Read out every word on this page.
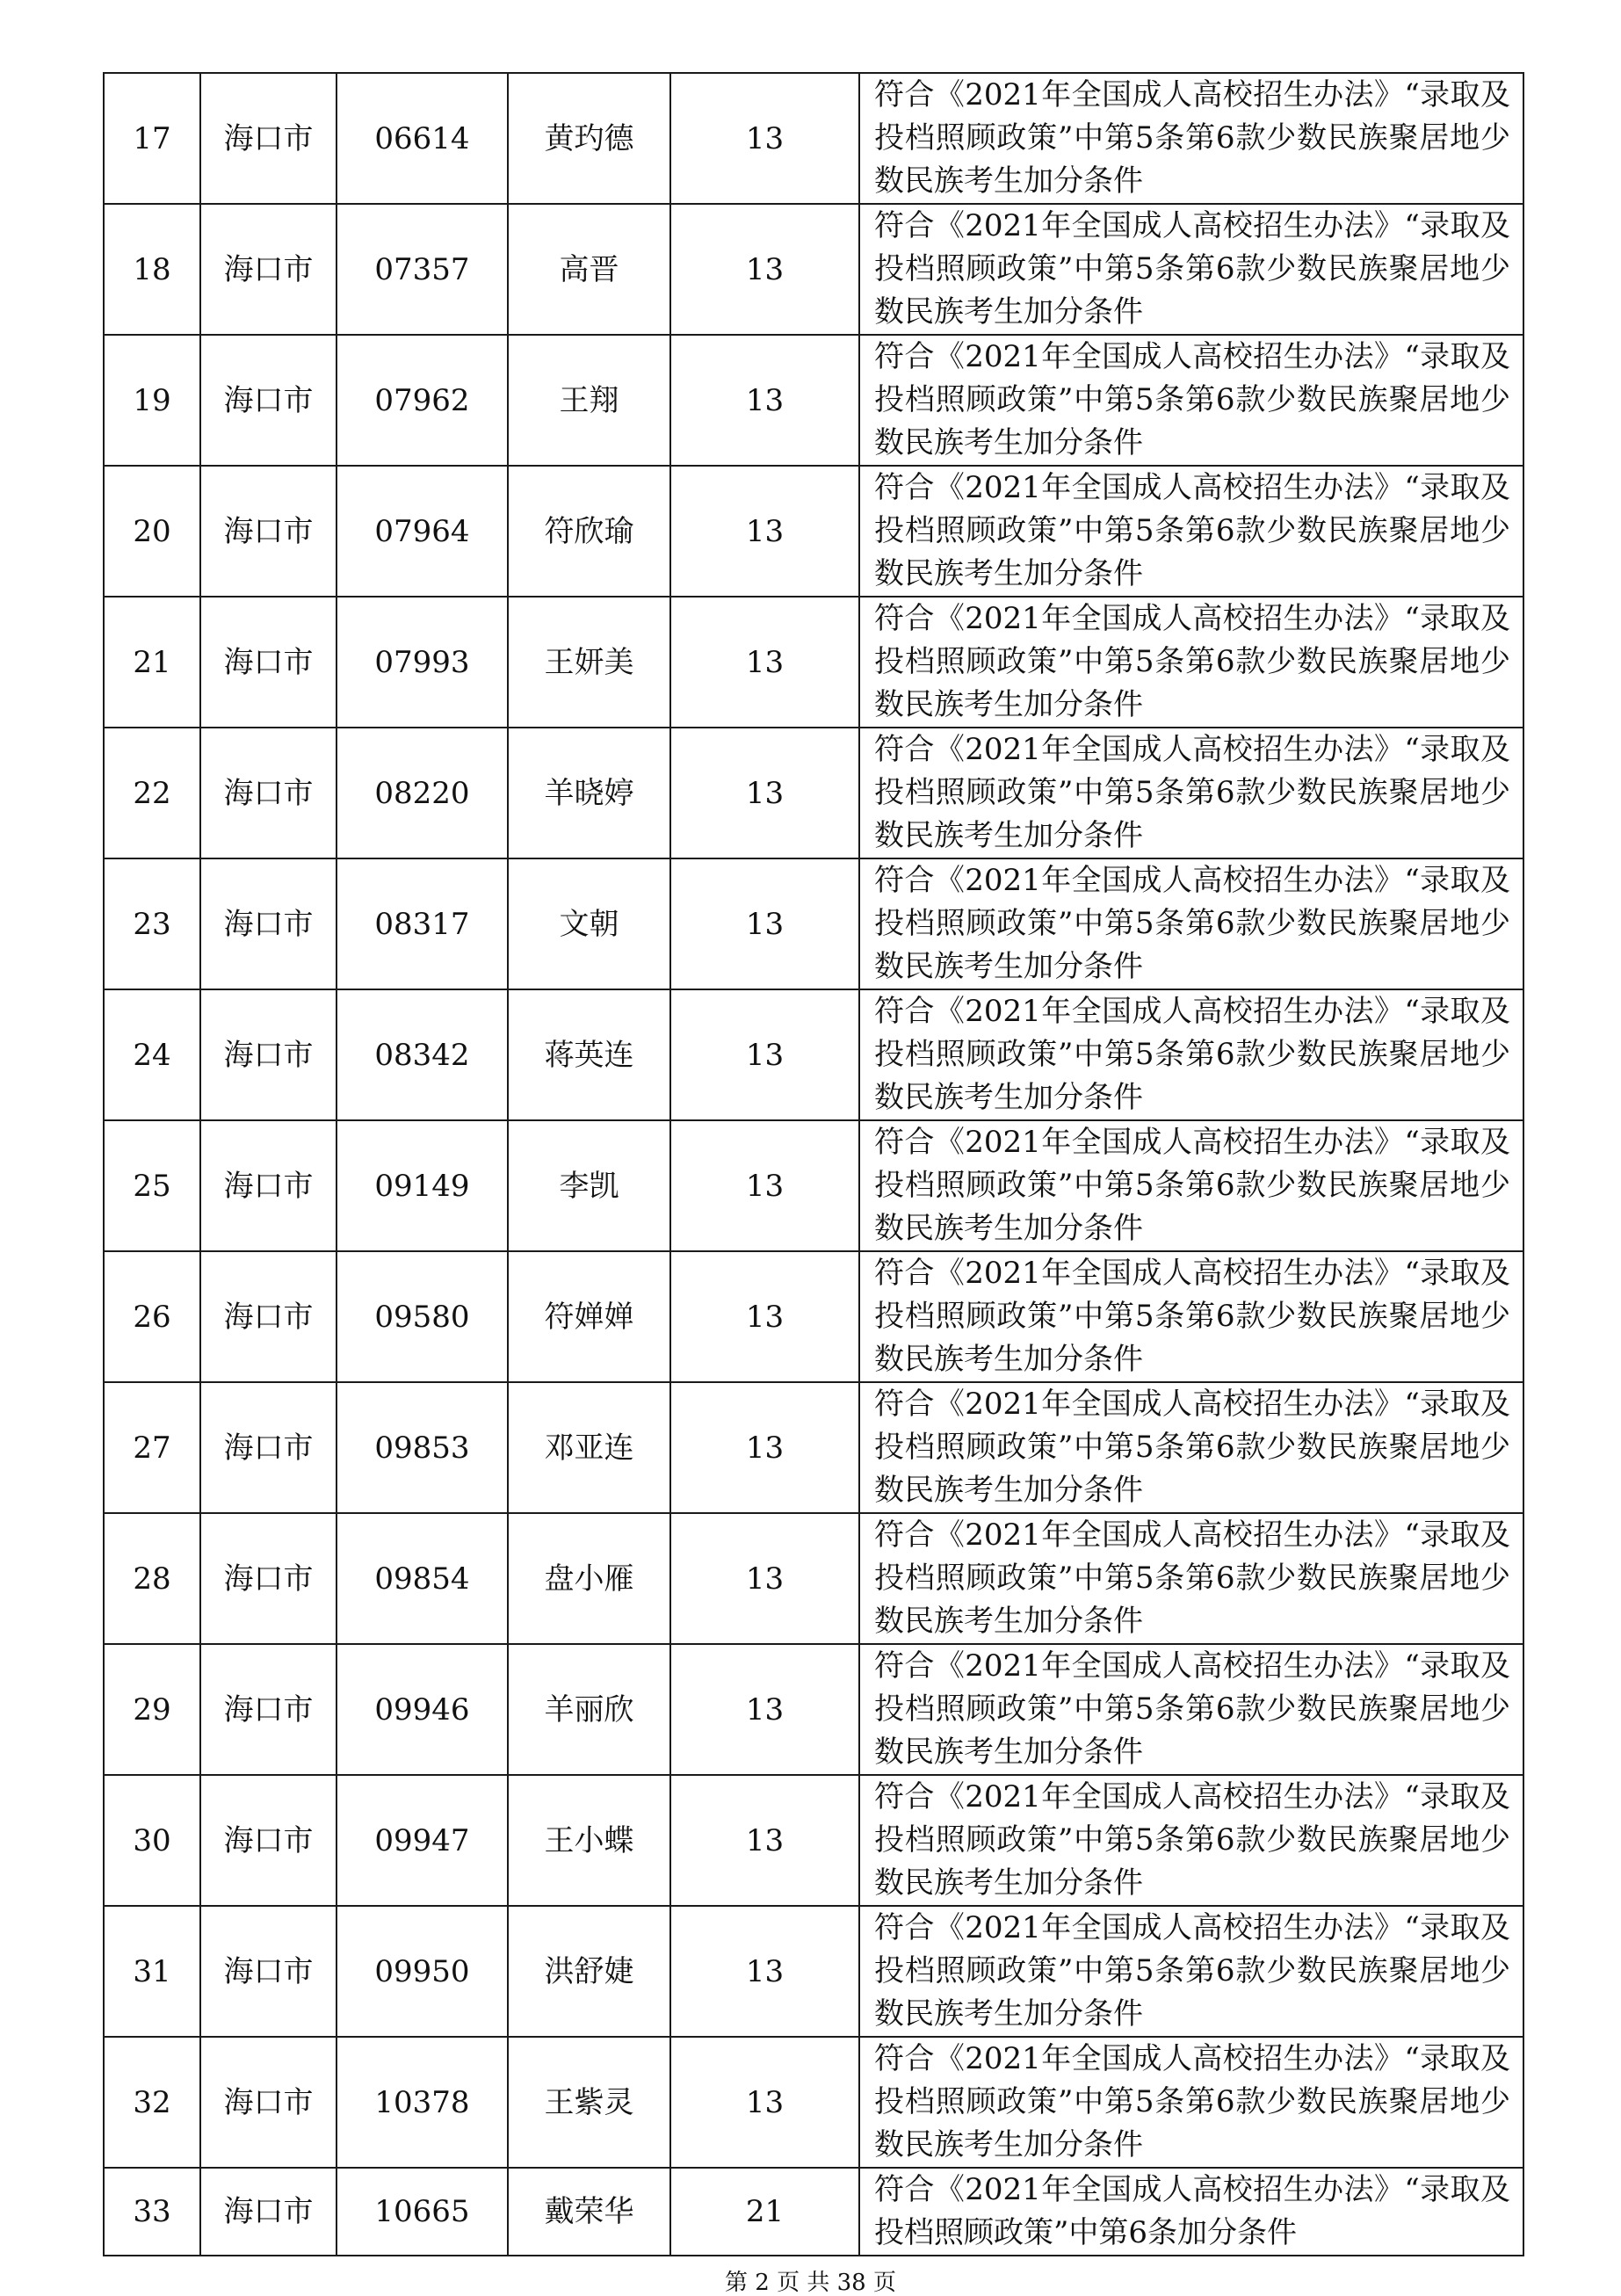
17	海口市	06614	黄玓德	13	符合《2021年全国成人高校招生办法》“录取及投档照顾政策”中第5条第6款少数民族聚居地少数民族考生加分条件
18	海口市	07357	高晋	13	符合《2021年全国成人高校招生办法》“录取及投档照顾政策”中第5条第6款少数民族聚居地少数民族考生加分条件
19	海口市	07962	王翔	13	符合《2021年全国成人高校招生办法》“录取及投档照顾政策”中第5条第6款少数民族聚居地少数民族考生加分条件
20	海口市	07964	符欣瑜	13	符合《2021年全国成人高校招生办法》“录取及投档照顾政策”中第5条第6款少数民族聚居地少数民族考生加分条件
21	海口市	07993	王妍美	13	符合《2021年全国成人高校招生办法》“录取及投档照顾政策”中第5条第6款少数民族聚居地少数民族考生加分条件
22	海口市	08220	羊晓婷	13	符合《2021年全国成人高校招生办法》“录取及投档照顾政策”中第5条第6款少数民族聚居地少数民族考生加分条件
23	海口市	08317	文朝	13	符合《2021年全国成人高校招生办法》“录取及投档照顾政策”中第5条第6款少数民族聚居地少数民族考生加分条件
24	海口市	08342	蒋英连	13	符合《2021年全国成人高校招生办法》“录取及投档照顾政策”中第5条第6款少数民族聚居地少数民族考生加分条件
25	海口市	09149	李凯	13	符合《2021年全国成人高校招生办法》“录取及投档照顾政策”中第5条第6款少数民族聚居地少数民族考生加分条件
26	海口市	09580	符婵婵	13	符合《2021年全国成人高校招生办法》“录取及投档照顾政策”中第5条第6款少数民族聚居地少数民族考生加分条件
27	海口市	09853	邓亚连	13	符合《2021年全国成人高校招生办法》“录取及投档照顾政策”中第5条第6款少数民族聚居地少数民族考生加分条件
28	海口市	09854	盘小雁	13	符合《2021年全国成人高校招生办法》“录取及投档照顾政策”中第5条第6款少数民族聚居地少数民族考生加分条件
29	海口市	09946	羊丽欣	13	符合《2021年全国成人高校招生办法》“录取及投档照顾政策”中第5条第6款少数民族聚居地少数民族考生加分条件
30	海口市	09947	王小蝶	13	符合《2021年全国成人高校招生办法》“录取及投档照顾政策”中第5条第6款少数民族聚居地少数民族考生加分条件
31	海口市	09950	洪舒婕	13	符合《2021年全国成人高校招生办法》“录取及投档照顾政策”中第5条第6款少数民族聚居地少数民族考生加分条件
32	海口市	10378	王紫灵	13	符合《2021年全国成人高校招生办法》“录取及投档照顾政策”中第5条第6款少数民族聚居地少数民族考生加分条件
33	海口市	10665	戴荣华	21	符合《2021年全国成人高校招生办法》“录取及投档照顾政策”中第6条加分条件
第 2 页 共 38 页
